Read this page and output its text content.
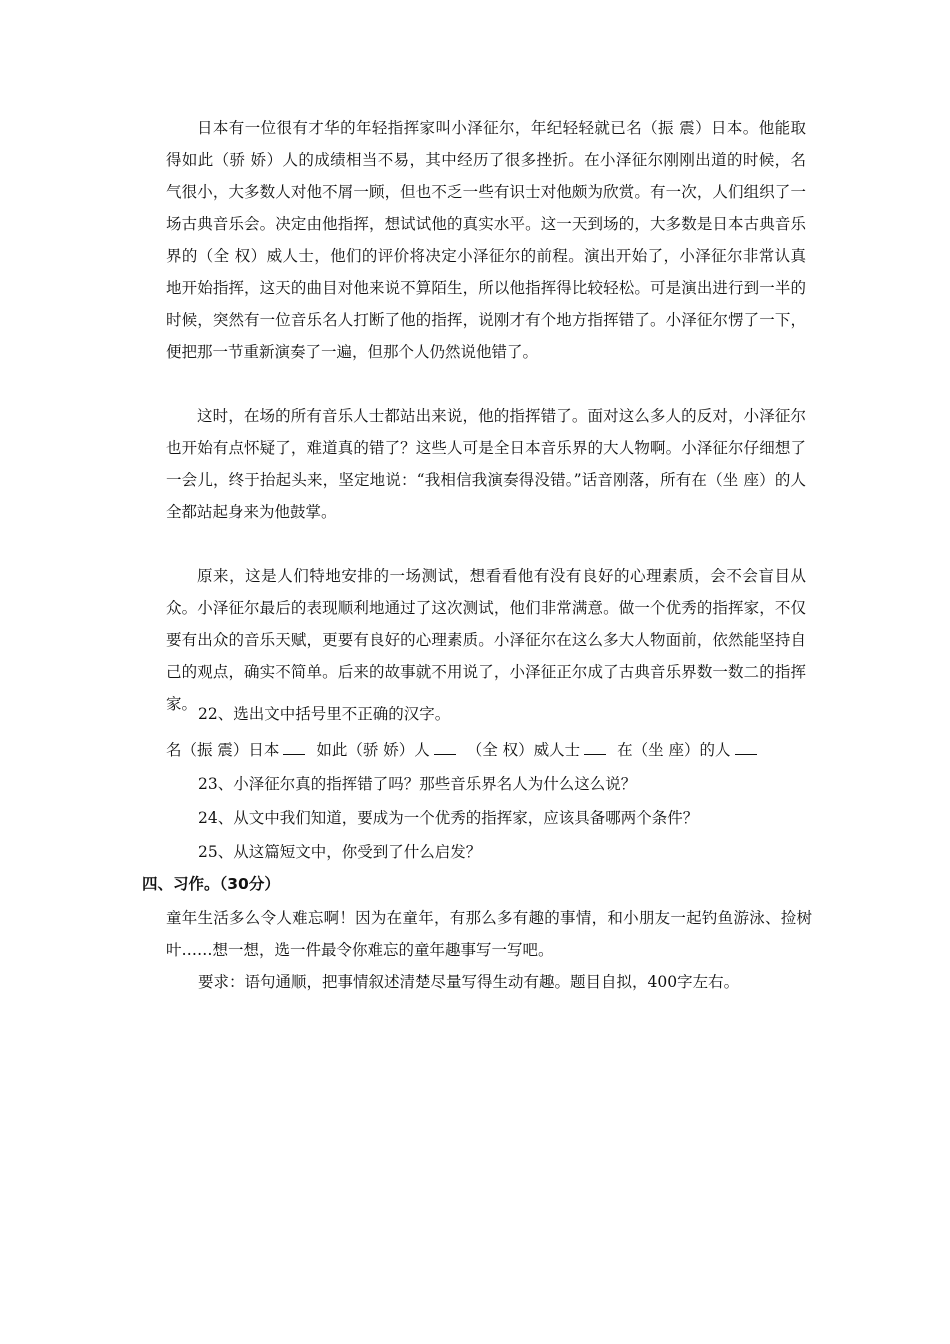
日本有一位很有才华的年轻指挥家叫小泽征尔，年纪轻轻就已名（振 震）日本。他能取得如此（骄 娇）人的成绩相当不易，其中经历了很多挫折。在小泽征尔刚刚出道的时候，名气很小，大多数人对他不屑一顾，但也不乏一些有识士对他颇为欣赏。有一次，人们组织了一场古典音乐会。决定由他指挥，想试试他的真实水平。这一天到场的，大多数是日本古典音乐界的（全 权）威人士，他们的评价将决定小泽征尔的前程。演出开始了，小泽征尔非常认真地开始指挥，这天的曲目对他来说不算陌生，所以他指挥得比较轻松。可是演出进行到一半的时候，突然有一位音乐名人打断了他的指挥，说刚才有个地方指挥错了。小泽征尔愣了一下，便把那一节重新演奏了一遍，但那个人仍然说他错了。

这时，在场的所有音乐人士都站出来说，他的指挥错了。面对这么多人的反对，小泽征尔也开始有点怀疑了，难道真的错了？这些人可是全日本音乐界的大人物啊。小泽征尔仔细想了一会儿，终于抬起头来，坚定地说：“我相信我演奏得没错。”话音刚落，所有在（坐 座）的人全都站起身来为他鼓掌。

原来，这是人们特地安排的一场测试，想看看他有没有良好的心理素质，会不会盲目从众。小泽征尔最后的表现顺利地通过了这次测试，他们非常满意。做一个优秀的指挥家，不仅要有出众的音乐天赋，更要有良好的心理素质。小泽征尔在这么多大人物面前，依然能坚持自己的观点，确实不简单。后来的故事就不用说了，小泽征正尔成了古典音乐界数一数二的指挥家。

22、选出文中括号里不正确的汉字。

名（振 震）日本 如此（骄 娇）人 （全 权）威人士 在（坐 座）的人

23、小泽征尔真的指挥错了吗？那些音乐界名人为什么这么说？

24、从文中我们知道，要成为一个优秀的指挥家，应该具备哪两个条件？

25、从这篇短文中，你受到了什么启发？

四、习作。（30分）

童年生活多么令人难忘啊！因为在童年，有那么多有趣的事情，和小朋友一起钓鱼游泳、捡树叶……想一想，选一件最令你难忘的童年趣事写一写吧。

要求：语句通顺，把事情叙述清楚尽量写得生动有趣。题目自拟，400字左右。
